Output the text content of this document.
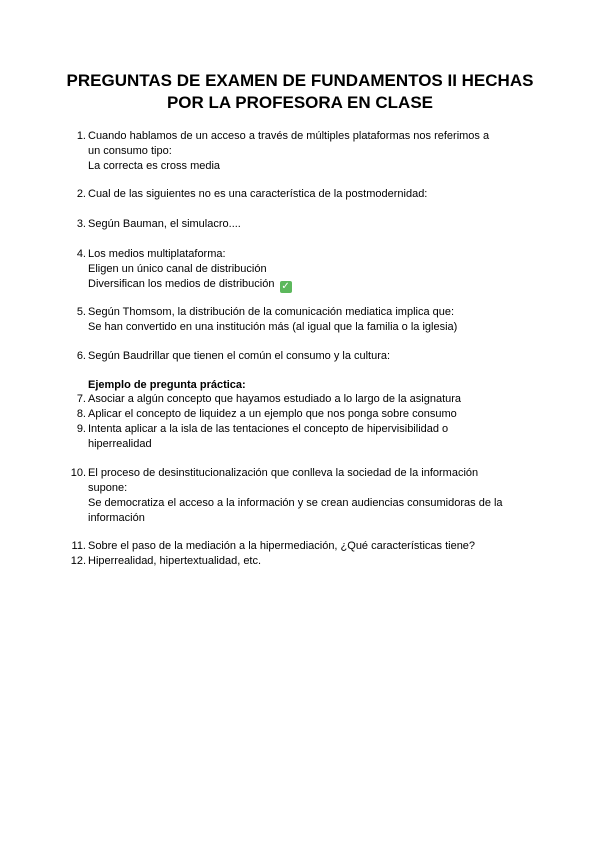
PREGUNTAS DE EXAMEN DE FUNDAMENTOS II HECHAS
POR LA PROFESORA EN CLASE
1. Cuando hablamos de un acceso a través de múltiples plataformas nos referimos a
un consumo tipo:
La correcta es cross media
2. Cual de las siguientes no es una característica de la postmodernidad:
3. Según Bauman, el simulacro....
4. Los medios multiplataforma:
Eligen un único canal de distribución
Diversifican los medios de distribución ✓
5. Según Thomsom, la distribución de la comunicación mediatica implica que:
Se han convertido en una institución más (al igual que la familia o la iglesia)
6. Según Baudrillar que tienen el común el consumo y la cultura:
Ejemplo de pregunta práctica:
7. Asociar a algún concepto que hayamos estudiado a lo largo de la asignatura
8. Aplicar el concepto de liquidez a un ejemplo que nos ponga sobre consumo
9. Intenta aplicar a la isla de las tentaciones el concepto de hipervisibilidad o
hiperrealidad
10. El proceso de desinstitucionalización que conlleva la sociedad de la información
supone:
Se democratiza el acceso a la información y se crean audiencias consumidoras de la
información
11. Sobre el paso de la mediación a la hipermediación, ¿Qué características tiene?
12. Hiperrealidad, hipertextualidad, etc.
